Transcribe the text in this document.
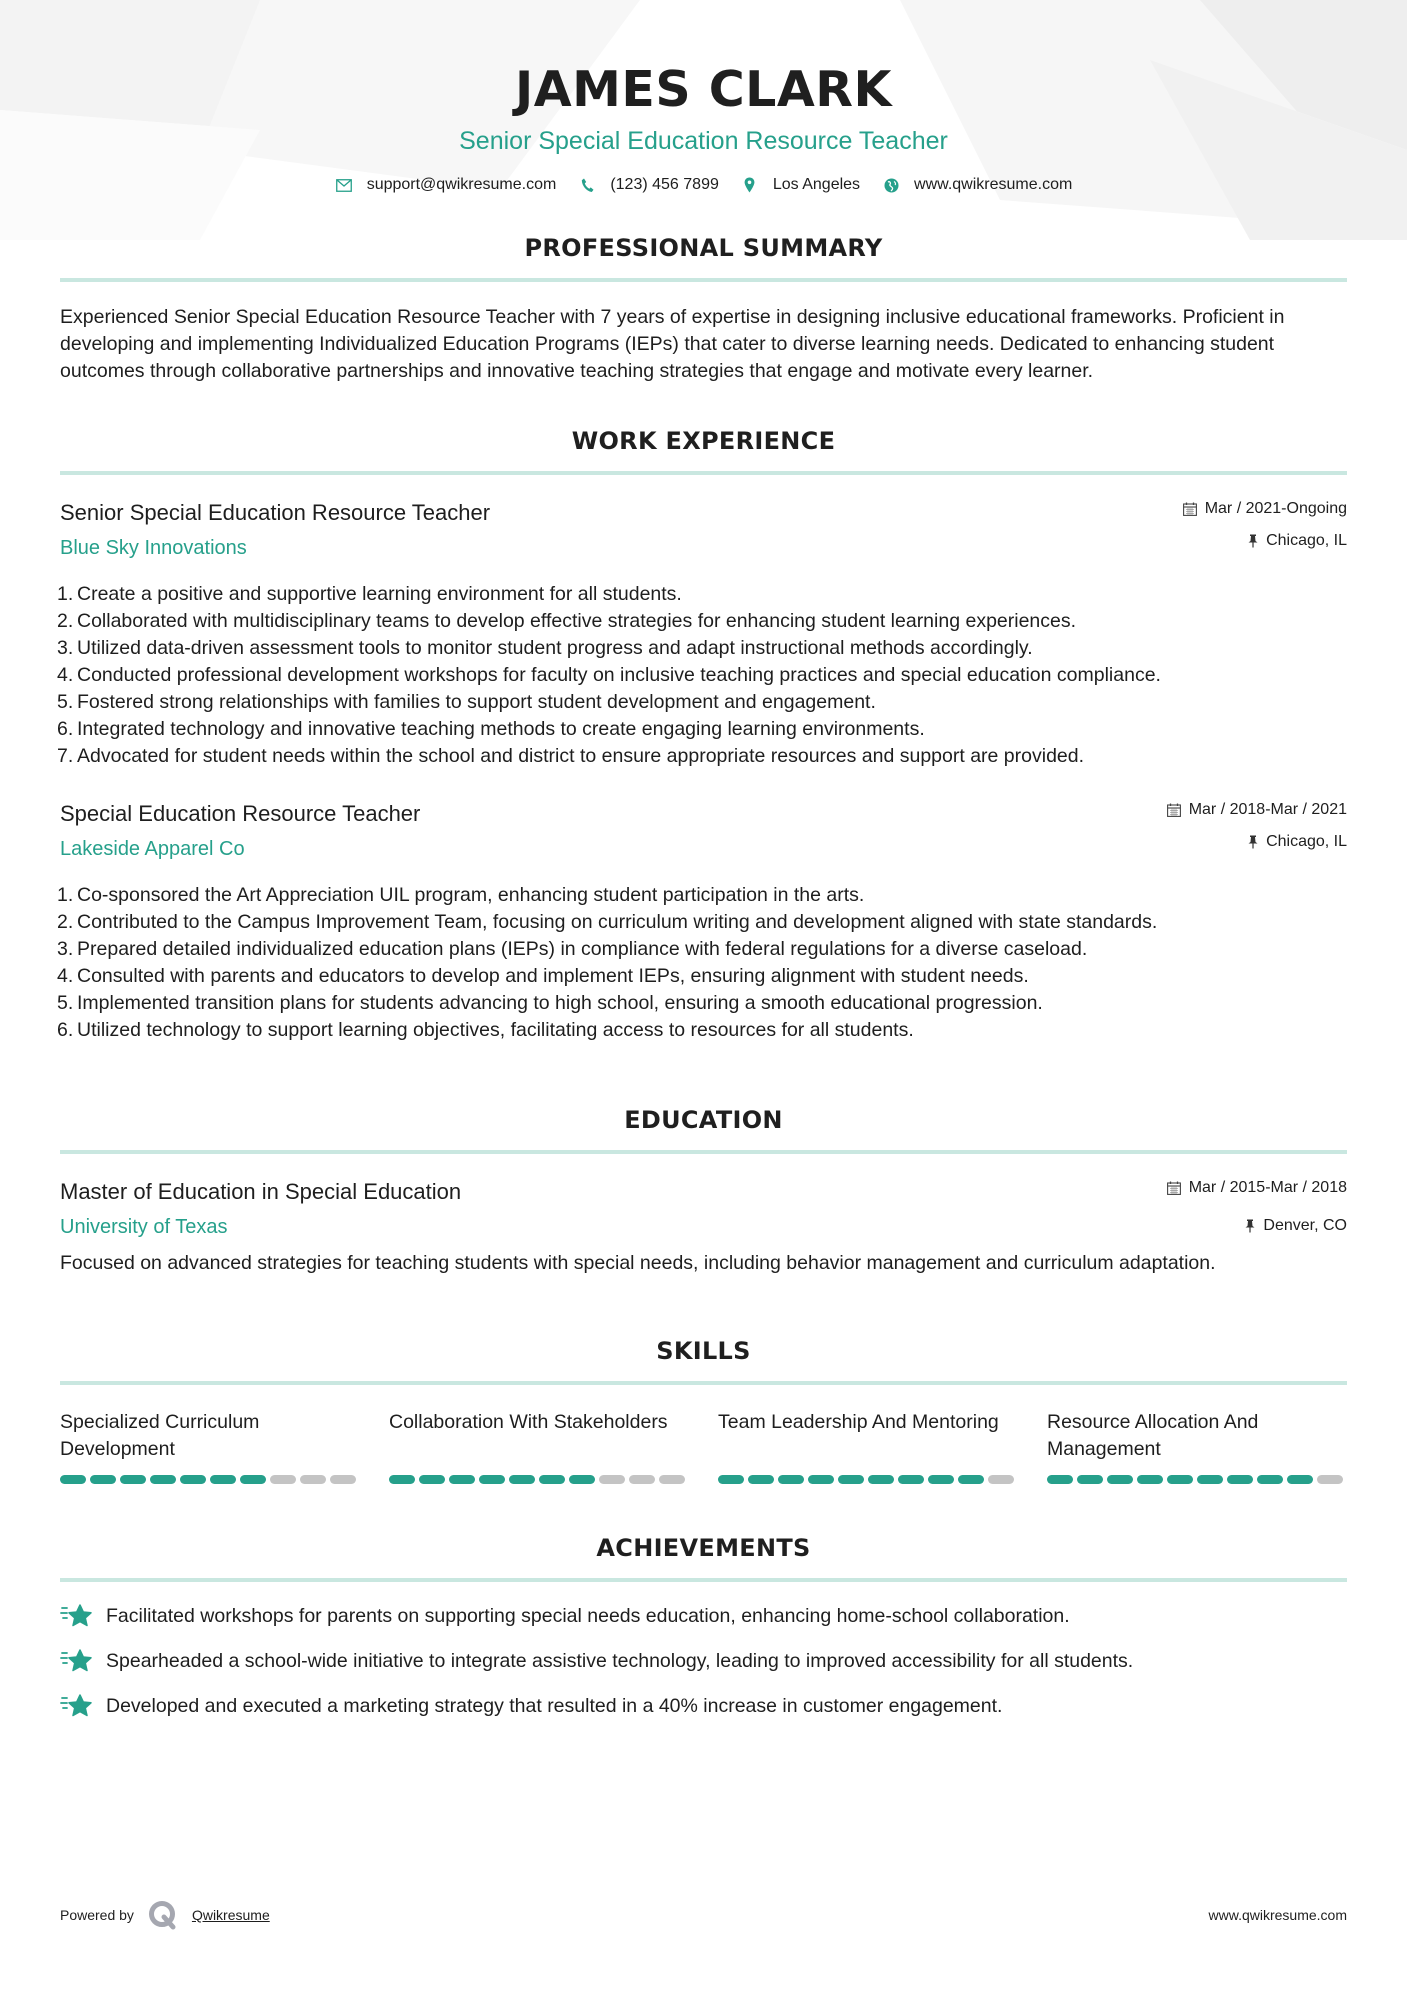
JAMES CLARK
Senior Special Education Resource Teacher
support@qwikresume.com	(123) 456 7899	Los Angeles	www.qwikresume.com
PROFESSIONAL SUMMARY
Experienced Senior Special Education Resource Teacher with 7 years of expertise in designing inclusive educational frameworks. Proficient in developing and implementing Individualized Education Programs (IEPs) that cater to diverse learning needs. Dedicated to enhancing student outcomes through collaborative partnerships and innovative teaching strategies that engage and motivate every learner.
WORK EXPERIENCE
Senior Special Education Resource Teacher
Blue Sky Innovations
Mar / 2021-Ongoing
Chicago, IL
1. Create a positive and supportive learning environment for all students.
2. Collaborated with multidisciplinary teams to develop effective strategies for enhancing student learning experiences.
3. Utilized data-driven assessment tools to monitor student progress and adapt instructional methods accordingly.
4. Conducted professional development workshops for faculty on inclusive teaching practices and special education compliance.
5. Fostered strong relationships with families to support student development and engagement.
6. Integrated technology and innovative teaching methods to create engaging learning environments.
7. Advocated for student needs within the school and district to ensure appropriate resources and support are provided.
Special Education Resource Teacher
Lakeside Apparel Co
Mar / 2018-Mar / 2021
Chicago, IL
1. Co-sponsored the Art Appreciation UIL program, enhancing student participation in the arts.
2. Contributed to the Campus Improvement Team, focusing on curriculum writing and development aligned with state standards.
3. Prepared detailed individualized education plans (IEPs) in compliance with federal regulations for a diverse caseload.
4. Consulted with parents and educators to develop and implement IEPs, ensuring alignment with student needs.
5. Implemented transition plans for students advancing to high school, ensuring a smooth educational progression.
6. Utilized technology to support learning objectives, facilitating access to resources for all students.
EDUCATION
Master of Education in Special Education
University of Texas
Mar / 2015-Mar / 2018
Denver, CO
Focused on advanced strategies for teaching students with special needs, including behavior management and curriculum adaptation.
SKILLS
Specialized Curriculum Development
Collaboration With Stakeholders	Team Leadership And Mentoring	Resource Allocation And Management
ACHIEVEMENTS
Facilitated workshops for parents on supporting special needs education, enhancing home-school collaboration.
Spearheaded a school-wide initiative to integrate assistive technology, leading to improved accessibility for all students.
Developed and executed a marketing strategy that resulted in a 40% increase in customer engagement.
Powered by	Qwikresume	www.qwikresume.com
